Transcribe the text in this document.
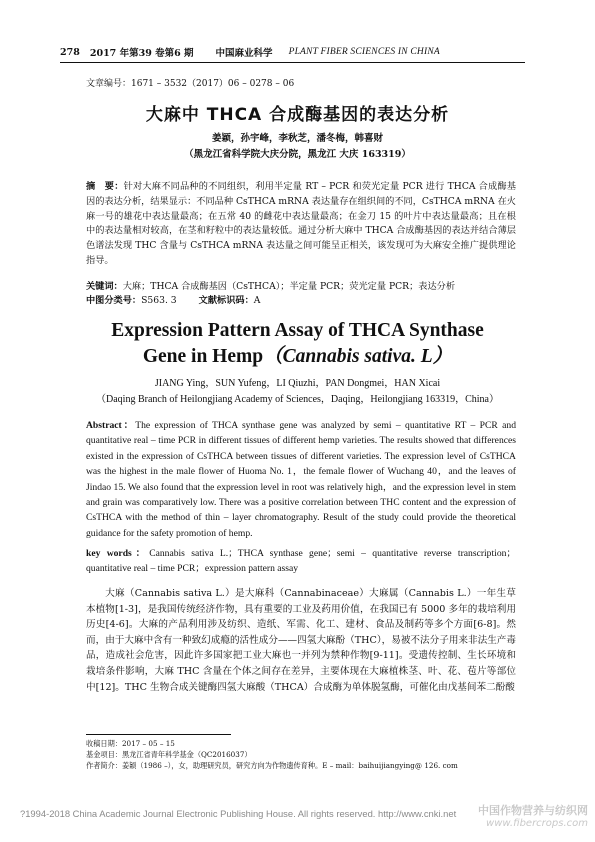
278 2017 年第39 卷第6 期 中国麻业科学 PLANT FIBER SCIENCES IN CHINA
文章编号：1671 – 3532（2017）06 – 0278 – 06
大麻中 THCA 合成酶基因的表达分析
姜颖，孙宇峰，李秋芝，潘冬梅，韩喜财
（黑龙江省科学院大庆分院，黑龙江 大庆 163319）
摘　要：针对大麻不同品种的不同组织，利用半定量 RT – PCR 和荧光定量 PCR 进行 THCA 合成酶基因的表达分析，结果显示：不同品种 CsTHCA mRNA 表达量存在组织间的不同，CsTHCA mRNA 在火麻一号的雄花中表达量最高；在五常 40 的雌花中表达量最高；在金刀 15 的叶片中表达量最高；且在根中的表达量相对较高，在茎和籽粒中的表达量较低。通过分析大麻中 THCA 合成酶基因的表达并结合薄层色谱法发现 THC 含量与 CsTHCA mRNA 表达量之间可能呈正相关，该发现可为大麻安全推广提供理论指导。
关键词：大麻；THCA 合成酶基因（CsTHCA）；半定量 PCR；荧光定量 PCR；表达分析
中图分类号：S563. 3 文献标识码：A
Expression Pattern Assay of THCA Synthase
Gene in Hemp（Cannabis sativa. L）
JIANG Ying，SUN Yufeng，LI Qiuzhi，PAN Dongmei，HAN Xicai
（Daqing Branch of Heilongjiang Academy of Sciences，Daqing，Heilongjiang 163319，China）
Abstract：The expression of THCA synthase gene was analyzed by semi – quantitative RT – PCR and quantitative real – time PCR in different tissues of different hemp varieties. The results showed that differences existed in the expression of CsTHCA between tissues of different varieties. The expression level of CsTHCA was the highest in the male flower of Huoma No. 1，the female flower of Wuchang 40，and the leaves of Jindao 15. We also found that the expression level in root was relatively high，and the expression level in stem and grain was comparatively low. There was a positive correlation between THC content and the expression of CsTHCA with the method of thin – layer chromatography. Result of the study could provide the theoretical guidance for the safety promotion of hemp.
key words：Cannabis sativa L.；THCA synthase gene；semi – quantitative reverse transcription；quantitative real – time PCR；expression pattern assay

大麻（Cannabis sativa L.）是大麻科（Cannabinaceae）大麻属（Cannabis L.）一年生草本植物[1-3]，是我国传统经济作物，具有重要的工业及药用价值，在我国已有 5000 多年的栽培利用历史[4-6]。大麻的产品利用涉及纺织、造纸、军需、化工、建材、食品及制药等多个方面[6-8]。然而，由于大麻中含有一种致幻成瘾的活性成分——四氢大麻酚（THC），易被不法分子用来非法生产毒品，造成社会危害，因此许多国家把工业大麻也一并列为禁种作物[9-11]。受遗传控制、生长环境和栽培条件影响，大麻 THC 含量在个体之间存在差异，主要体现在大麻植株茎、叶、花、苞片等部位中[12]。THC 生物合成关键酶四氢大麻酸（THCA）合成酶为单体脱氢酶，可催化由戊基间苯二酚酸

收稿日期：2017 – 05 – 15
基金项目：黑龙江省青年科学基金（QC2016037）
作者简介：姜颖（1986 –），女，助理研究员，研究方向为作物遗传育种。E – mail：baihuijiangying@ 126. com
?1994-2018 China Academic Journal Electronic Publishing House. All rights reserved. http://www.cnki.net	中国作物营养与纺织网
www.fibercrops.com
